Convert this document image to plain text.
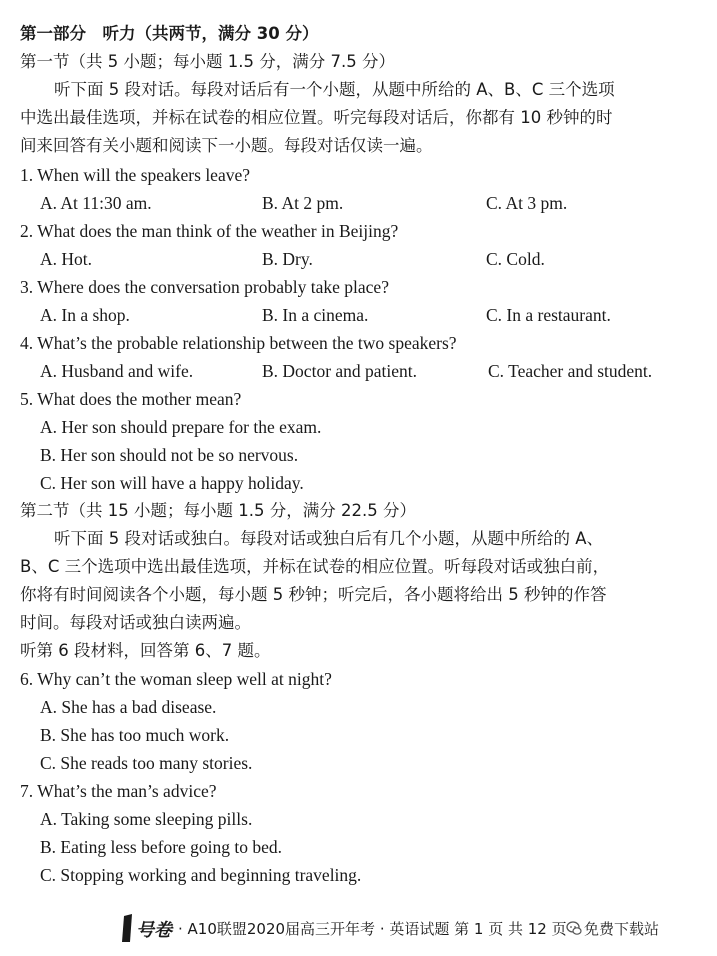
第一部分　听力（共两节，满分 30 分）
第一节（共 5 小题；每小题 1.5 分，满分 7.5 分）
听下面 5 段对话。每段对话后有一个小题，从题中所给的 A、B、C 三个选项
中选出最佳选项，并标在试卷的相应位置。听完每段对话后，你都有 10 秒钟的时
间来回答有关小题和阅读下一小题。每段对话仅读一遍。
1. When will the speakers leave?
A. At 11:30 am.	B. At 2 pm.	C. At 3 pm.
2. What does the man think of the weather in Beijing?
A. Hot.	B. Dry.	C. Cold.
3. Where does the conversation probably take place?
A. In a shop.	B. In a cinema.	C. In a restaurant.
4. What’s the probable relationship between the two speakers?
A. Husband and wife.	B. Doctor and patient.	C. Teacher and student.
5. What does the mother mean?
A. Her son should prepare for the exam.
B. Her son should not be so nervous.
C. Her son will have a happy holiday.
第二节（共 15 小题；每小题 1.5 分，满分 22.5 分）
听下面 5 段对话或独白。每段对话或独白后有几个小题，从题中所给的 A、
B、C 三个选项中选出最佳选项，并标在试卷的相应位置。听每段对话或独白前，
你将有时间阅读各个小题，每小题 5 秒钟；听完后，各小题将给出 5 秒钟的作答
时间。每段对话或独白读两遍。
听第 6 段材料，回答第 6、7 题。
6. Why can’t the woman sleep well at night?
A. She has a bad disease.
B. She has too much work.
C. She reads too many stories.
7. What’s the man’s advice?
A. Taking some sleeping pills.
B. Eating less before going to bed.
C. Stopping working and beginning traveling.
号卷 · A10联盟2020届高三开年考 · 英语试题 第 1 页 共 12 页 免费下载站
